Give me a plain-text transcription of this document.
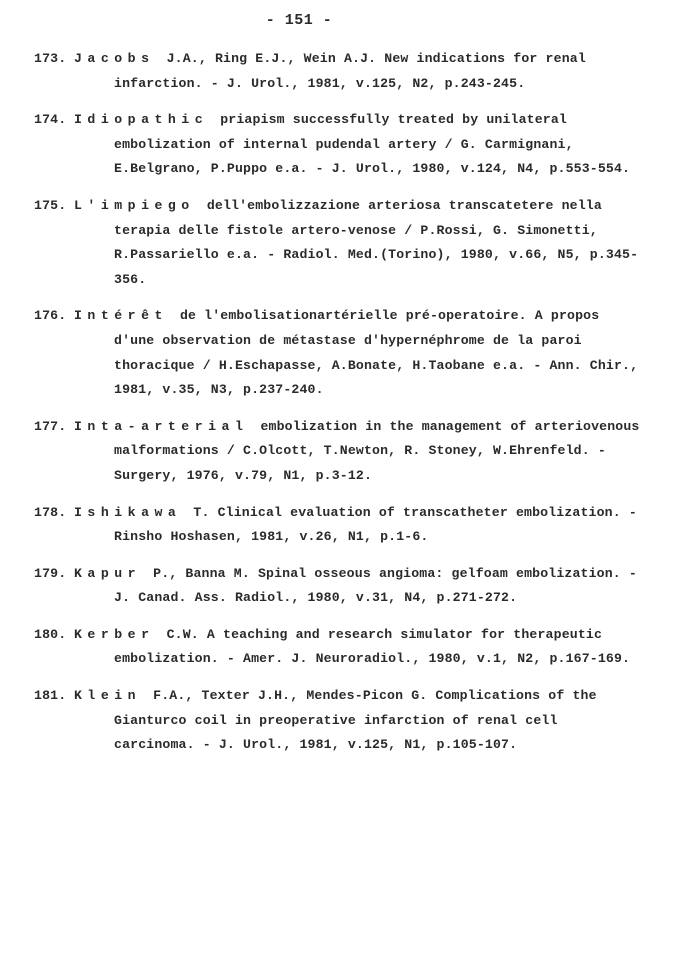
- 151 -
173. Jacobs J.A., Ring E.J., Wein A.J. New indications for renal infarction. - J. Urol., 1981, v.125, N2, p.243-245.
174. Idiopathic priapism successfully treated by unilateral embolization of internal pudendal artery / G. Carmignani, E.Belgrano, P.Puppo e.a. - J. Urol., 1980, v.124, N4, p.553-554.
175. L'impiego dell'embolizzazione arteriosa transcatetere nella terapia delle fistole artero-venose / P.Rossi, G. Simonetti, R.Passariello e.a. - Radiol. Med.(Torino), 1980, v.66, N5, p.345-356.
176. Intérêt de l'embolisationartérielle pré-operatoire. A propos d'une observation de métastase d'hypernéphrome de la paroi thoracique / H.Eschapasse, A.Bonate, H.Taobane e.a. - Ann. Chir., 1981, v.35, N3, p.237-240.
177. Inta-arterial embolization in the management of arteriovenous malformations / C.Olcott, T.Newton, R. Stoney, W.Ehrenfeld. - Surgery, 1976, v.79, N1, p.3-12.
178. Ishikawa T. Clinical evaluation of transcatheter embolization. - Rinsho Hoshasen, 1981, v.26, N1, p.1-6.
179. Kapur P., Banna M. Spinal osseous angioma: gelfoam embolization. - J. Canad. Ass. Radiol., 1980, v.31, N4, p.271-272.
180. Kerber C.W. A teaching and research simulator for therapeutic embolization. - Amer. J. Neuroradiol., 1980, v.1, N2, p.167-169.
181. Klein F.A., Texter J.H., Mendes-Picon G. Complications of the Gianturco coil in preoperative infarction of renal cell carcinoma. - J. Urol., 1981, v.125, N1, p.105-107.
